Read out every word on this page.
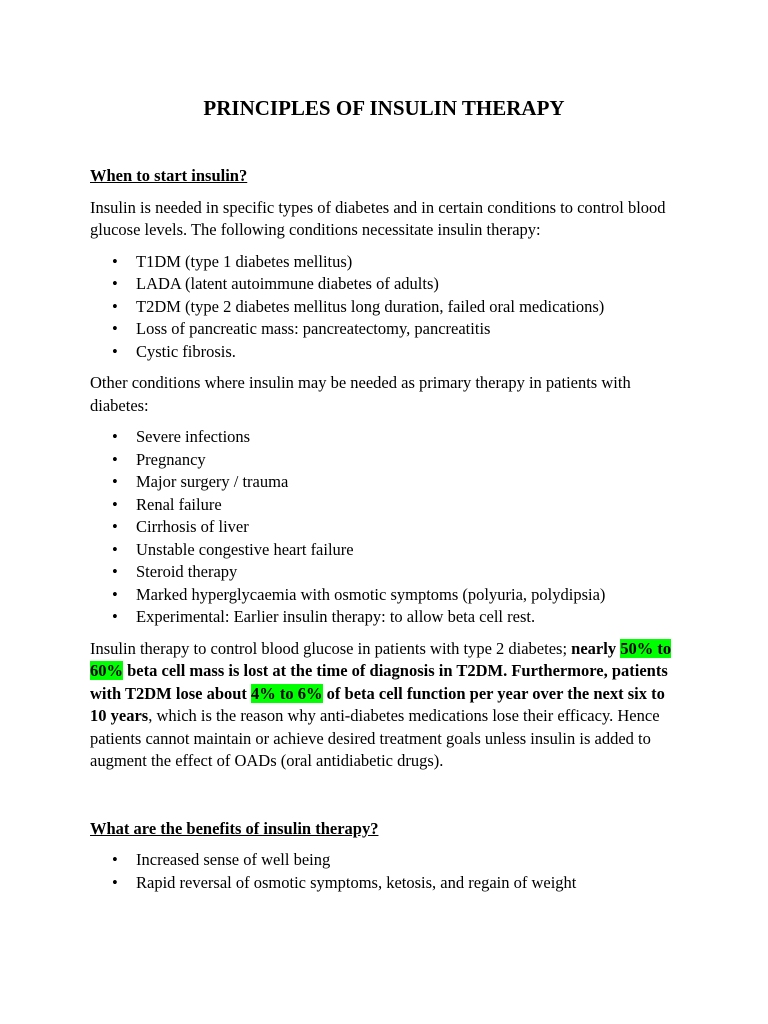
PRINCIPLES OF INSULIN THERAPY
When to start insulin?

Insulin is needed in specific types of diabetes and in certain conditions to control blood glucose levels. The following conditions necessitate insulin therapy:

• T1DM (type 1 diabetes mellitus)
• LADA (latent autoimmune diabetes of adults)
• T2DM (type 2 diabetes mellitus long duration, failed oral medications)
• Loss of pancreatic mass: pancreatectomy, pancreatitis
• Cystic fibrosis.

Other conditions where insulin may be needed as primary therapy in patients with diabetes:

• Severe infections
• Pregnancy
• Major surgery / trauma
• Renal failure
• Cirrhosis of liver
• Unstable congestive heart failure
• Steroid therapy
• Marked hyperglycaemia with osmotic symptoms (polyuria, polydipsia)
• Experimental: Earlier insulin therapy: to allow beta cell rest.

Insulin therapy to control blood glucose in patients with type 2 diabetes; nearly 50% to 60% beta cell mass is lost at the time of diagnosis in T2DM. Furthermore, patients with T2DM lose about 4% to 6% of beta cell function per year over the next six to 10 years, which is the reason why anti-diabetes medications lose their efficacy. Hence patients cannot maintain or achieve desired treatment goals unless insulin is added to augment the effect of OADs (oral antidiabetic drugs).

What are the benefits of insulin therapy?
• Increased sense of well being
• Rapid reversal of osmotic symptoms, ketosis, and regain of weight
